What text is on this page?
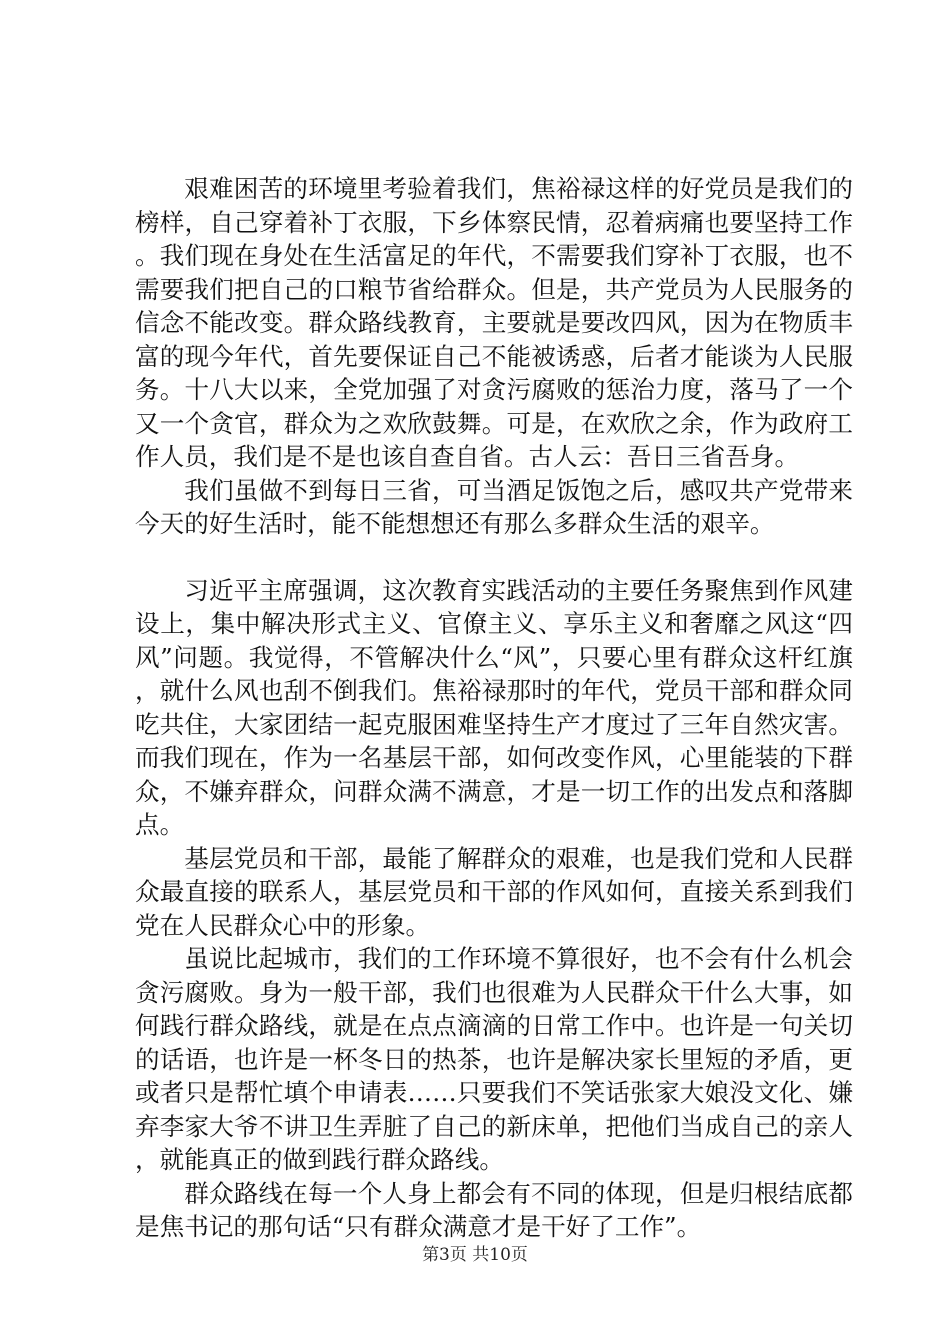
艰难困苦的环境里考验着我们，焦裕禄这样的好党员是我们的榜样，自己穿着补丁衣服，下乡体察民情，忍着病痛也要坚持工作。我们现在身处在生活富足的年代，不需要我们穿补丁衣服，也不需要我们把自己的口粮节省给群众。但是，共产党员为人民服务的信念不能改变。群众路线教育，主要就是要改四风，因为在物质丰富的现今年代，首先要保证自己不能被诱惑，后者才能谈为人民服务。十八大以来，全党加强了对贪污腐败的惩治力度，落马了一个又一个贪官，群众为之欢欣鼓舞。可是，在欢欣之余，作为政府工作人员，我们是不是也该自查自省。古人云：吾日三省吾身。

我们虽做不到每日三省，可当酒足饭饱之后，感叹共产党带来今天的好生活时，能不能想想还有那么多群众生活的艰辛。

习近平主席强调，这次教育实践活动的主要任务聚焦到作风建设上，集中解决形式主义、官僚主义、享乐主义和奢靡之风这“四风”问题。我觉得，不管解决什么“风”，只要心里有群众这杆红旗，就什么风也刮不倒我们。焦裕禄那时的年代，党员干部和群众同吃共住，大家团结一起克服困难坚持生产才度过了三年自然灾害。而我们现在，作为一名基层干部，如何改变作风，心里能装的下群众，不嫌弃群众，问群众满不满意，才是一切工作的出发点和落脚点。

基层党员和干部，最能了解群众的艰难，也是我们党和人民群众最直接的联系人，基层党员和干部的作风如何，直接关系到我们党在人民群众心中的形象。

虽说比起城市，我们的工作环境不算很好，也不会有什么机会贪污腐败。身为一般干部，我们也很难为人民群众干什么大事，如何践行群众路线，就是在点点滴滴的日常工作中。也许是一句关切的话语，也许是一杯冬日的热茶，也许是解决家长里短的矛盾，更或者只是帮忙填个申请表……只要我们不笑话张家大娘没文化、嫌弃李家大爷不讲卫生弄脏了自己的新床单，把他们当成自己的亲人，就能真正的做到践行群众路线。

群众路线在每一个人身上都会有不同的体现，但是归根结底都是焦书记的那句话“只有群众满意才是干好了工作”。

第3页 共10页
